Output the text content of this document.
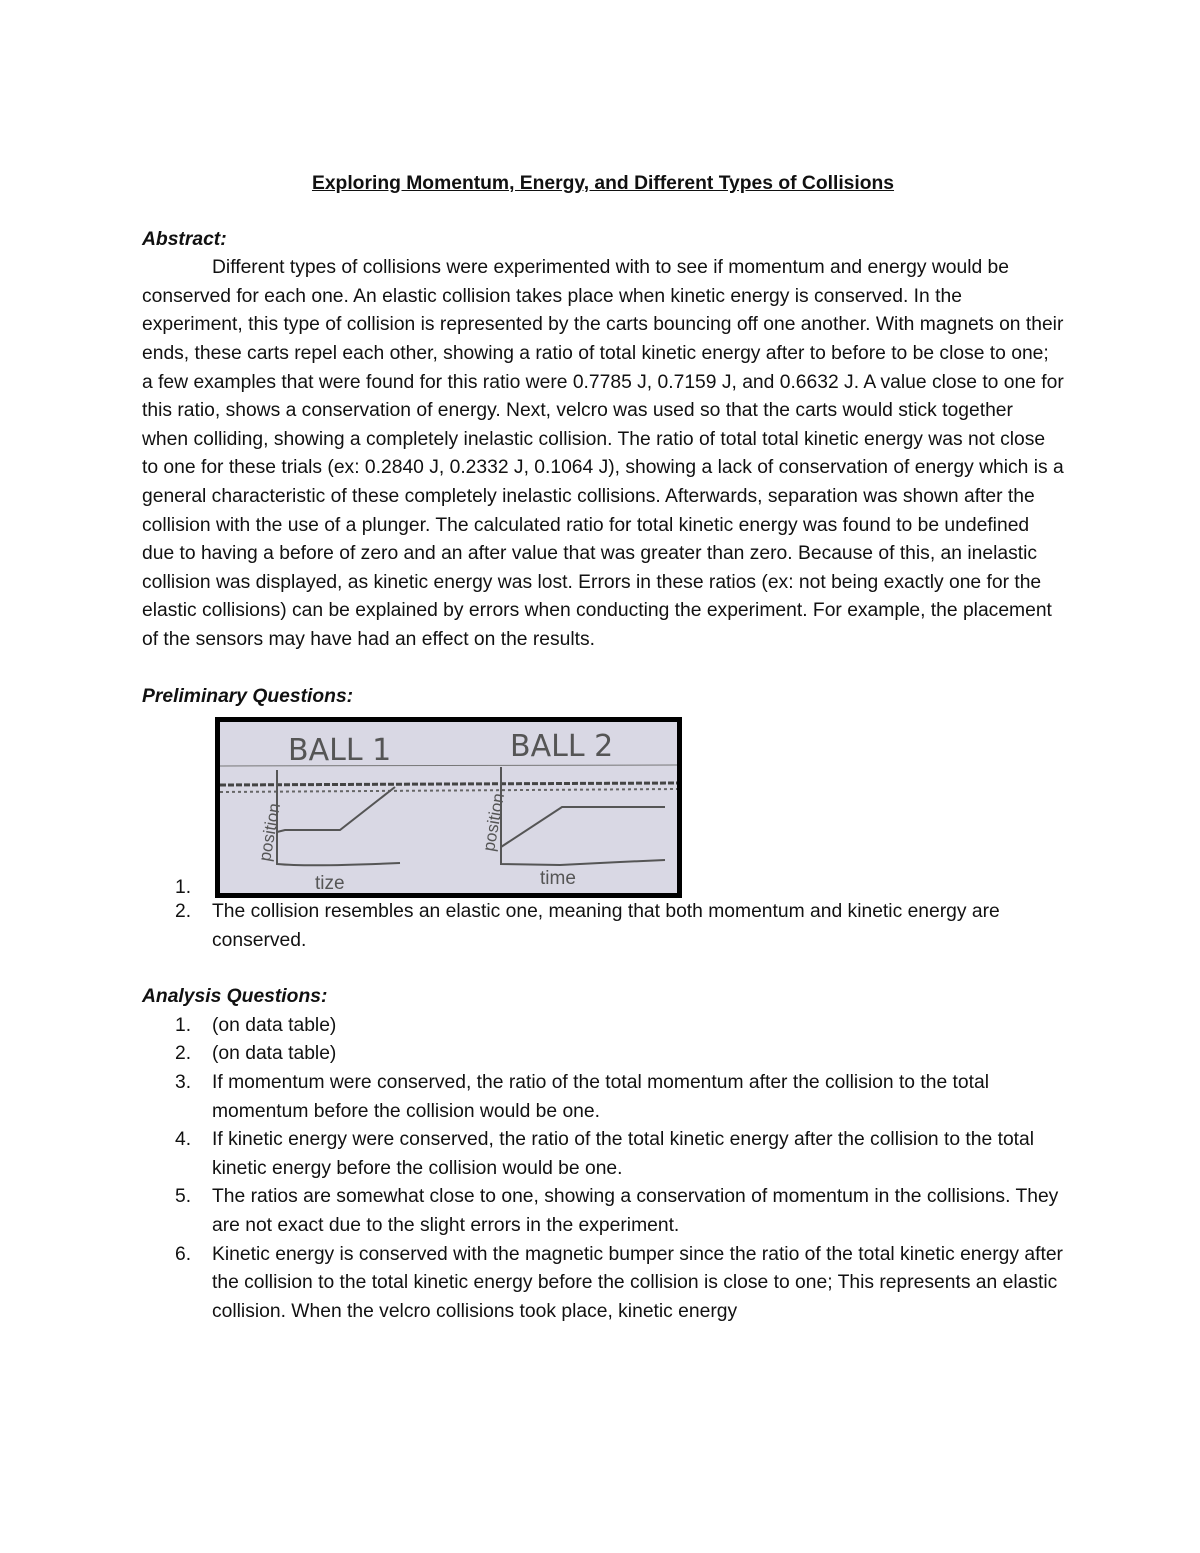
Exploring Momentum, Energy, and Different Types of Collisions

Abstract:

Different types of collisions were experimented with to see if momentum and energy would be conserved for each one. An elastic collision takes place when kinetic energy is conserved. In the experiment, this type of collision is represented by the carts bouncing off one another. With magnets on their ends, these carts repel each other, showing a ratio of total kinetic energy after to before to be close to one; a few examples that were found for this ratio were 0.7785 J, 0.7159 J, and 0.6632 J. A value close to one for this ratio, shows a conservation of energy. Next, velcro was used so that the carts would stick together when colliding, showing a completely inelastic collision. The ratio of total total kinetic energy was not close to one for these trials (ex: 0.2840 J, 0.2332 J, 0.1064 J), showing a lack of conservation of energy which is a general characteristic of these completely inelastic collisions. Afterwards, separation was shown after the collision with the use of a plunger. The calculated ratio for total kinetic energy was found to be undefined due to having a before of zero and an after value that was greater than zero. Because of this, an inelastic collision was displayed, as kinetic energy was lost. Errors in these ratios (ex: not being exactly one for the elastic collisions) can be explained by errors when conducting the experiment. For example, the placement of the sensors may have had an effect on the results.

Preliminary Questions:

1.
BALL 1	BALL 2
position
tize
position
time
2. The collision resembles an elastic one, meaning that both momentum and kinetic energy are conserved.

Analysis Questions:

1. (on data table)
2. (on data table)
3. If momentum were conserved, the ratio of the total momentum after the collision to the total momentum before the collision would be one.
4. If kinetic energy were conserved, the ratio of the total kinetic energy after the collision to the total kinetic energy before the collision would be one.
5. The ratios are somewhat close to one, showing a conservation of momentum in the collisions. They are not exact due to the slight errors in the experiment.
6. Kinetic energy is conserved with the magnetic bumper since the ratio of the total kinetic energy after the collision to the total kinetic energy before the collision is close to one; This represents an elastic collision. When the velcro collisions took place, kinetic energy
